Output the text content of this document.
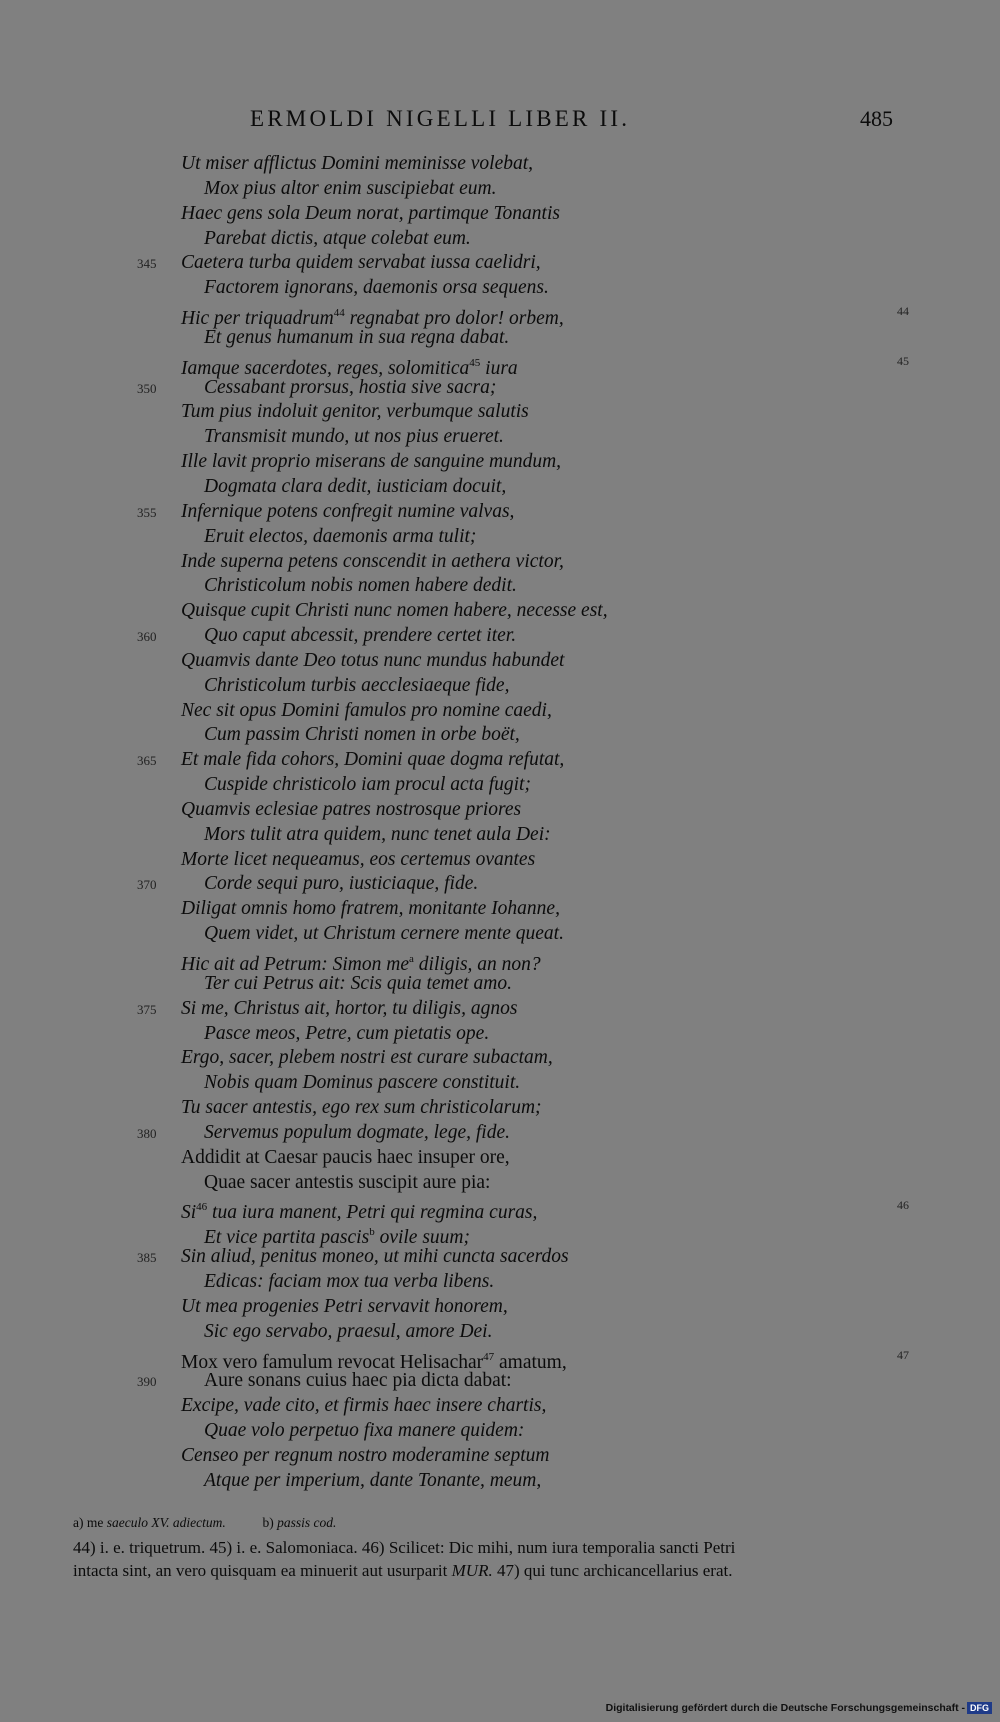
ERMOLDI NIGELLI LIBER II.	485
Ut miser afflictus Domini meminisse volebat,
Mox pius altor enim suscipiebat eum.
Haec gens sola Deum norat, partimque Tonantis
Parebat dictis, atque colebat eum.
345 Caetera turba quidem servabat iussa caelidri,
Factorem ignorans, daemonis orsa sequens.
Hic per triquadrum$^{44}$ regnabat pro dolor! orbem,	44
Et genus humanum in sua regna dabat.
Iamque sacerdotes, reges, solomitica$^{45}$ iura	45
350 Cessabant prorsus, hostia sive sacra;
Tum pius indoluit genitor, verbumque salutis
Transmisit mundo, ut nos pius erueret.
Ille lavit proprio miserans de sanguine mundum,
Dogmata clara dedit, iusticiam docuit,
355 Infernique potens confregit numine valvas,
Eruit electos, daemonis arma tulit;
Inde superna petens conscendit in aethera victor,
Christicolum nobis nomen habere dedit.
Quisque cupit Christi nunc nomen habere, necesse est,
360 Quo caput abcessit, prendere certet iter.
Quamvis dante Deo totus nunc mundus habundet
Christicolum turbis aecclesiaeque fide,
Nec sit opus Domini famulos pro nomine caedi,
Cum passim Christi nomen in orbe boët,
365 Et male fida cohors, Domini quae dogma refutat,
Cuspide christicolo iam procul acta fugit;
Quamvis eclesiae patres nostrosque priores
Mors tulit atra quidem, nunc tenet aula Dei:
Morte licet nequeamus, eos certemus ovantes
370 Corde sequi puro, iusticiaque, fide.
Diligat omnis homo fratrem, monitante Iohanne,
Quem videt, ut Christum cernere mente queat.
Hic ait ad Petrum: Simon $me^a$ diligis, an non?
Ter cui Petrus ait: Scis quia temet amo.
375 Si me, Christus ait, hortor, tu diligis, agnos
Pasce meos, Petre, cum pietatis ope.
Ergo, sacer, plebem nostri est curare subactam,
Nobis quam Dominus pascere constituit.
Tu sacer antestis, ego rex sum christicolarum;
380 Servemus populum dogmate, lege, fide.
Addidit at Caesar paucis haec insuper ore,
Quae sacer antestis suscipit aure pia:
Si$^{46}$ tua iura manent, Petri qui regmina curas,	46
Et vice partita pascis$^b$ ovile suum;
385 Sin aliud, penitus moneo, ut mihi cuncta sacerdos
Edicas: faciam mox tua verba libens.
Ut mea progenies Petri servavit honorem,
Sic ego servabo, praesul, amore Dei.
Mox vero famulum revocat Helisachar$^{47}$ amatum,	47
390 Aure sonans cuius haec pia dicta dabat:
Excipe, vade cito, et firmis haec insere chartis,
Quae volo perpetuo fixa manere quidem:
Censeo per regnum nostro moderamine septum
Atque per imperium, dante Tonante, meum,
a) me saeculo XV. adiectum.	b) passis cod.
44) i. e. triquetrum. 45) i. e. Salomoniaca. 46) Scilicet: Dic mihi, num iura temporalia sancti Petri
intacta sint, an vero quisquam ea minuerit aut usurparit MUR. 47) qui tunc archicancellarius erat.
Digitalisierung gefördert durch die Deutsche Forschungsgemeinschaft - DFG
